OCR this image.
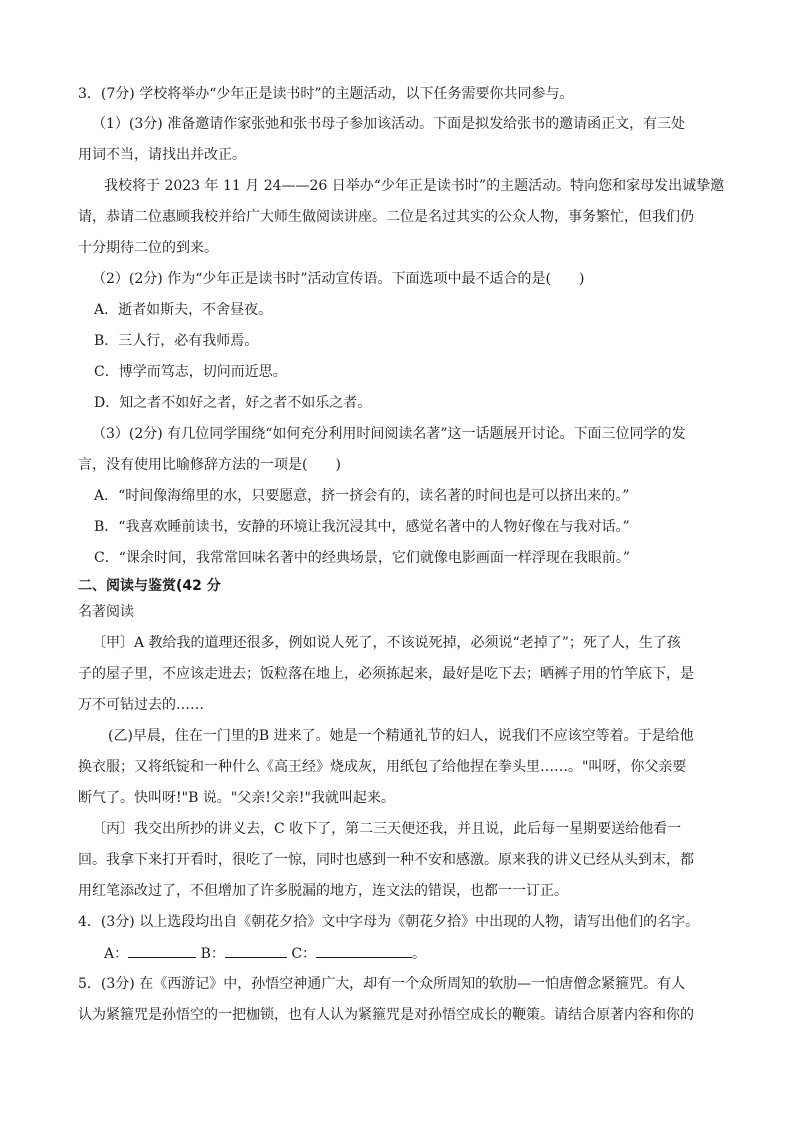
3．(7分) 学校将举办“少年正是读书时”的主题活动，以下任务需要你共同参与。
（1）(3分) 准备邀请作家张弛和张书母子参加该活动。下面是拟发给张书的邀请函正文，有三处
用词不当，请找出并改正。
我校将于 2023 年 11 月 24——26 日举办“少年正是读书时”的主题活动。特向您和家母发出诚挚邀
请，恭请二位惠顾我校并给广大师生做阅读讲座。二位是名过其实的公众人物，事务繁忙，但我们仍
十分期待二位的到来。
（2）(2分) 作为“少年正是读书时”活动宣传语。下面选项中最不适合的是(　　)
A．逝者如斯夫，不舍昼夜。
B．三人行，必有我师焉。
C．博学而笃志，切问而近思。
D．知之者不如好之者，好之者不如乐之者。
（3）(2分) 有几位同学围绕“如何充分利用时间阅读名著”这一话题展开讨论。下面三位同学的发
言，没有使用比喻修辞方法的一项是(　　)
A．“时间像海绵里的水，只要愿意，挤一挤会有的，读名著的时间也是可以挤出来的。”
B．“我喜欢睡前读书，安静的环境让我沉浸其中，感觉名著中的人物好像在与我对话。”
C．“课余时间，我常常回味名著中的经典场景，它们就像电影画面一样浮现在我眼前。”
二、阅读与鉴赏(42 分
名著阅读
〔甲〕A 教给我的道理还很多，例如说人死了，不该说死掉，必须说“老掉了”；死了人，生了孩
子的屋子里，不应该走进去；饭粒落在地上，必须拣起来，最好是吃下去；晒裤子用的竹竿底下，是
万不可钻过去的……
(乙)早晨，住在一门里的B 进来了。她是一个精通礼节的妇人，说我们不应该空等着。于是给他
换衣服；又将纸锭和一种什么《高王经》烧成灰，用纸包了给他捏在拳头里……。"叫呀，你父亲要
断气了。快叫呀!"B 说。"父亲!父亲!"我就叫起来。
〔丙〕我交出所抄的讲义去，C 收下了，第二三天便还我，并且说，此后每一星期要送给他看一
回。我拿下来打开看时，很吃了一惊，同时也感到一种不安和感激。原来我的讲义已经从头到末，都
用红笔添改过了，不但增加了许多脱漏的地方，连文法的错误，也都一一订正。
4．(3分) 以上选段均出自《朝花夕拾》文中字母为《朝花夕拾》中出现的人物，请写出他们的名字。
A：	B：	C：	。
5．(3分) 在《西游记》中，孙悟空神通广大，却有一个众所周知的软肋—一怕唐僧念紧箍咒。有人
认为紧箍咒是孙悟空的一把枷锁，也有人认为紧箍咒是对孙悟空成长的鞭策。请结合原著内容和你的
